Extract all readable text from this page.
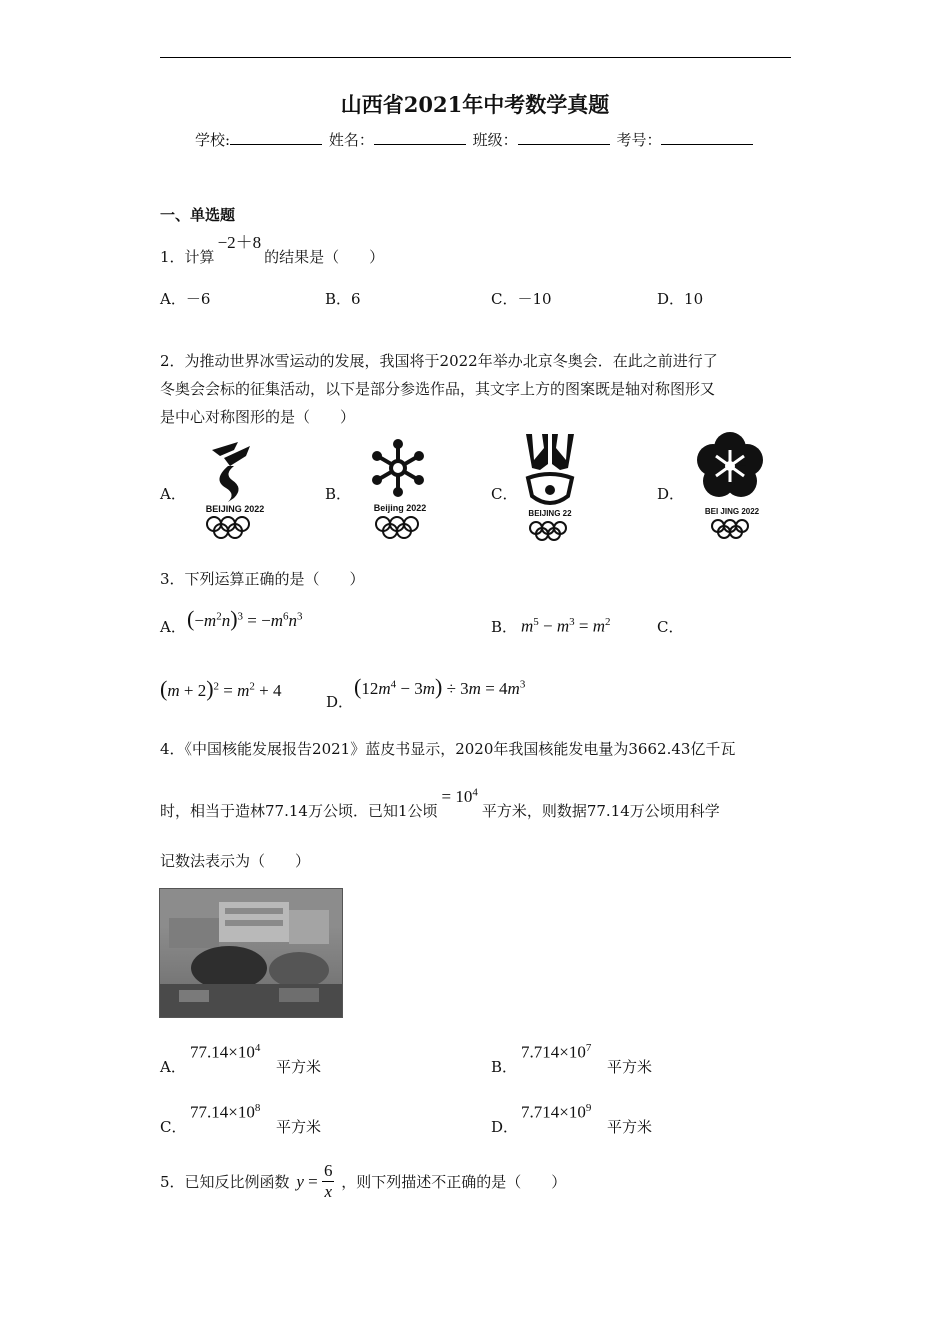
山西省2021年中考数学真题
学校:	姓名：	班级：	考号：
一、单选题
1．计算−2＋8的结果是（　　）
A．－6	B．6	C．－10	D．10
2．为推动世界冰雪运动的发展，我国将于2022年举办北京冬奥会．在此之前进行了
冬奥会会标的征集活动，以下是部分参选作品，其文字上方的图案既是轴对称图形又
是中心对称图形的是（　　）
A．	B．	C．	D．
BEIJING 2022	Beijing 2022
BEIJING 22	BEI JING 2022
3．下列运算正确的是（　　）
A． $(-m^2n)^3 = -m^6n^3$
B． $m^5 - m^3 = m^2$	C．
$(m + 2)^2 = m^2 + 4$
D．
$(12m^4 - 3m) \div 3m = 4m^3$
4．《中国核能发展报告2021》蓝皮书显示，2020年我国核能发电量为3662.43亿千瓦
时，相当于造林77.14万公顷．已知1公顷= $10^4$平方米，则数据77.14万公顷用科学
记数法表示为（　　）
A．
$77.14\times 10^4$
平方米	B．
$7.714\times 10^7$
平方米
C．
$77.14\times 10^8$
平方米	D．
$7.714\times 10^9$
平方米
5．已知反比例函数 $y = \frac{6}{x}$ ，则下列描述不正确的是（　　）
